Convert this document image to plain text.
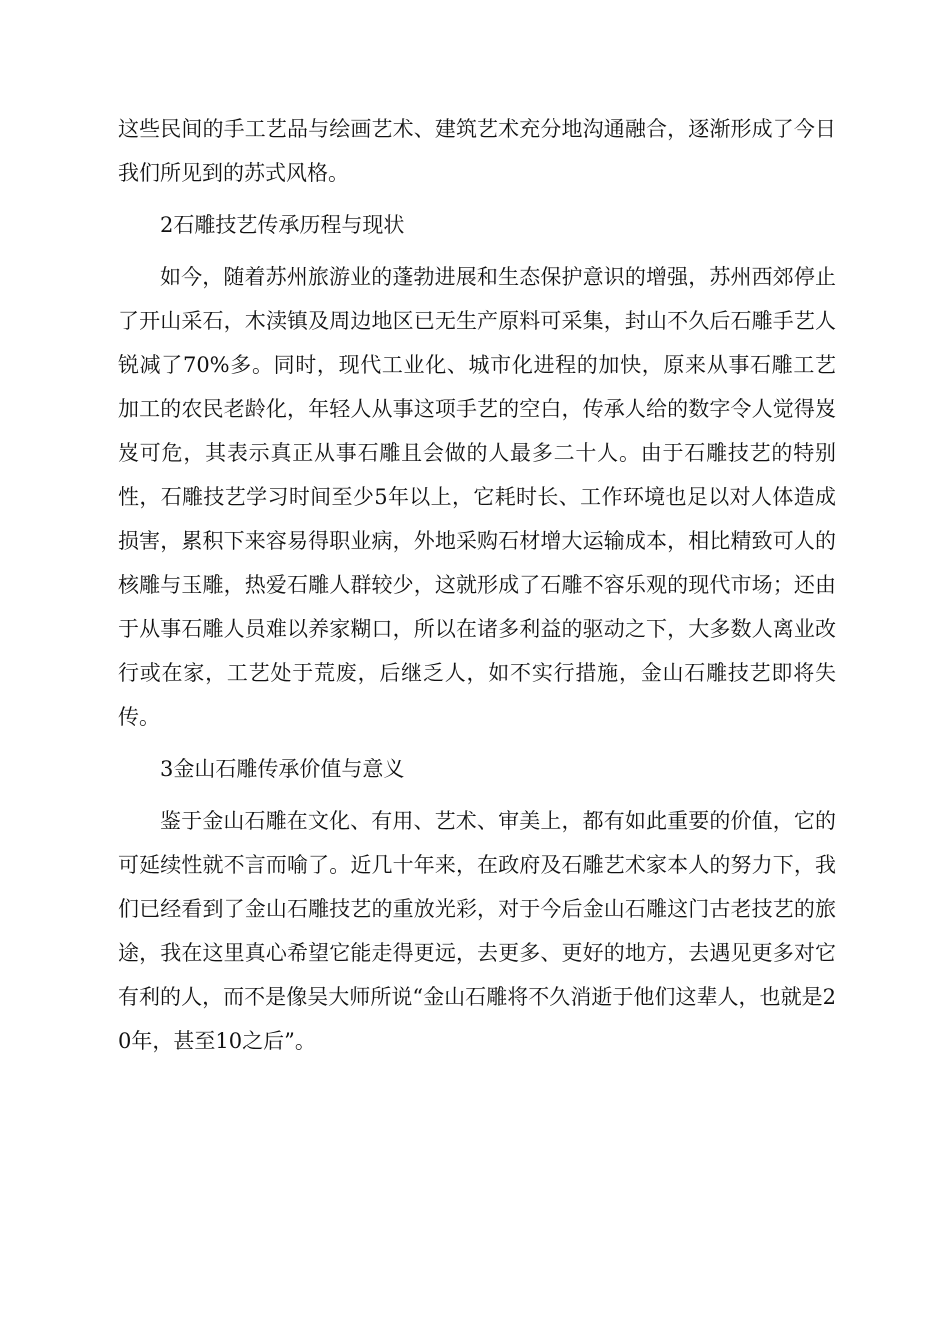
这些民间的手工艺品与绘画艺术、建筑艺术充分地沟通融合，逐渐形成了今日我们所见到的苏式风格。

2石雕技艺传承历程与现状

如今，随着苏州旅游业的蓬勃进展和生态保护意识的增强，苏州西郊停止了开山采石，木渎镇及周边地区已无生产原料可采集，封山不久后石雕手艺人锐减了70%多。同时，现代工业化、城市化进程的加快，原来从事石雕工艺加工的农民老龄化，年轻人从事这项手艺的空白，传承人给的数字令人觉得岌岌可危，其表示真正从事石雕且会做的人最多二十人。由于石雕技艺的特别性，石雕技艺学习时间至少5年以上，它耗时长、工作环境也足以对人体造成损害，累积下来容易得职业病，外地采购石材增大运输成本，相比精致可人的核雕与玉雕，热爱石雕人群较少，这就形成了石雕不容乐观的现代市场；还由于从事石雕人员难以养家糊口，所以在诸多利益的驱动之下，大多数人离业改行或在家，工艺处于荒废，后继乏人，如不实行措施，金山石雕技艺即将失传。

3金山石雕传承价值与意义

鉴于金山石雕在文化、有用、艺术、审美上，都有如此重要的价值，它的可延续性就不言而喻了。近几十年来，在政府及石雕艺术家本人的努力下，我们已经看到了金山石雕技艺的重放光彩，对于今后金山石雕这门古老技艺的旅途，我在这里真心希望它能走得更远，去更多、更好的地方，去遇见更多对它有利的人，而不是像吴大师所说“金山石雕将不久消逝于他们这辈人，也就是20年，甚至10之后”。
